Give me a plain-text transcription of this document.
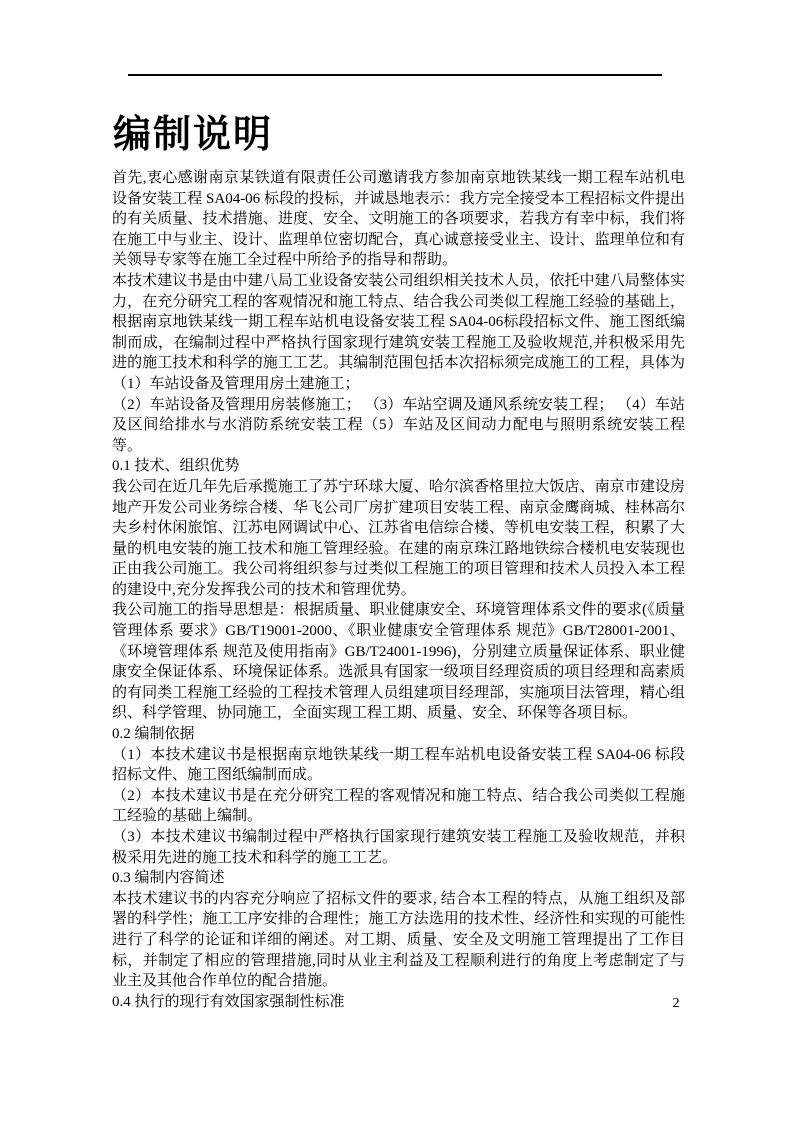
编制说明

首先,衷心感谢南京某铁道有限责任公司邀请我方参加南京地铁某线一期工程车站机电设备安装工程 SA04-06 标段的投标，并诚恳地表示：我方完全接受本工程招标文件提出的有关质量、技术措施、进度、安全、文明施工的各项要求，若我方有幸中标，我们将在施工中与业主、设计、监理单位密切配合，真心诚意接受业主、设计、监理单位和有关领导专家等在施工全过程中所给予的指导和帮助。

本技术建议书是由中建八局工业设备安装公司组织相关技术人员，依托中建八局整体实力，在充分研究工程的客观情况和施工特点、结合我公司类似工程施工经验的基础上，根据南京地铁某线一期工程车站机电设备安装工程 SA04-06标段招标文件、施工图纸编制而成，在编制过程中严格执行国家现行建筑安装工程施工及验收规范,并积极采用先进的施工技术和科学的施工工艺。其编制范围包括本次招标须完成施工的工程，具体为（1）车站设备及管理用房土建施工；

（2）车站设备及管理用房装修施工； （3）车站空调及通风系统安装工程； （4）车站及区间给排水与水消防系统安装工程（5）车站及区间动力配电与照明系统安装工程等。

0.1 技术、组织优势

我公司在近几年先后承揽施工了苏宁环球大厦、哈尔滨香格里拉大饭店、南京市建设房地产开发公司业务综合楼、华飞公司厂房扩建项目安装工程、南京金鹰商城、桂林高尔夫乡村休闲旅馆、江苏电网调试中心、江苏省电信综合楼、等机电安装工程，积累了大量的机电安装的施工技术和施工管理经验。在建的南京珠江路地铁综合楼机电安装现也正由我公司施工。我公司将组织参与过类似工程施工的项目管理和技术人员投入本工程的建设中,充分发挥我公司的技术和管理优势。

我公司施工的指导思想是：根据质量、职业健康安全、环境管理体系文件的要求(《质量管理体系 要求》GB/T19001-2000、《职业健康安全管理体系 规范》GB/T28001-2001、《环境管理体系 规范及使用指南》GB/T24001-1996)，分别建立质量保证体系、职业健康安全保证体系、环境保证体系。选派具有国家一级项目经理资质的项目经理和高素质的有同类工程施工经验的工程技术管理人员组建项目经理部，实施项目法管理，精心组织、科学管理、协同施工，全面实现工程工期、质量、安全、环保等各项目标。

0.2 编制依据

（1）本技术建议书是根据南京地铁某线一期工程车站机电设备安装工程 SA04-06 标段招标文件、施工图纸编制而成。

（2）本技术建议书是在充分研究工程的客观情况和施工特点、结合我公司类似工程施工经验的基础上编制。

（3）本技术建议书编制过程中严格执行国家现行建筑安装工程施工及验收规范，并积极采用先进的施工技术和科学的施工工艺。

0.3 编制内容简述

本技术建议书的内容充分响应了招标文件的要求, 结合本工程的特点，从施工组织及部署的科学性；施工工序安排的合理性；施工方法选用的技术性、经济性和实现的可能性进行了科学的论证和详细的阐述。对工期、质量、安全及文明施工管理提出了工作目标，并制定了相应的管理措施,同时从业主利益及工程顺利进行的角度上考虑制定了与业主及其他合作单位的配合措施。

0.4 执行的现行有效国家强制性标准	2
